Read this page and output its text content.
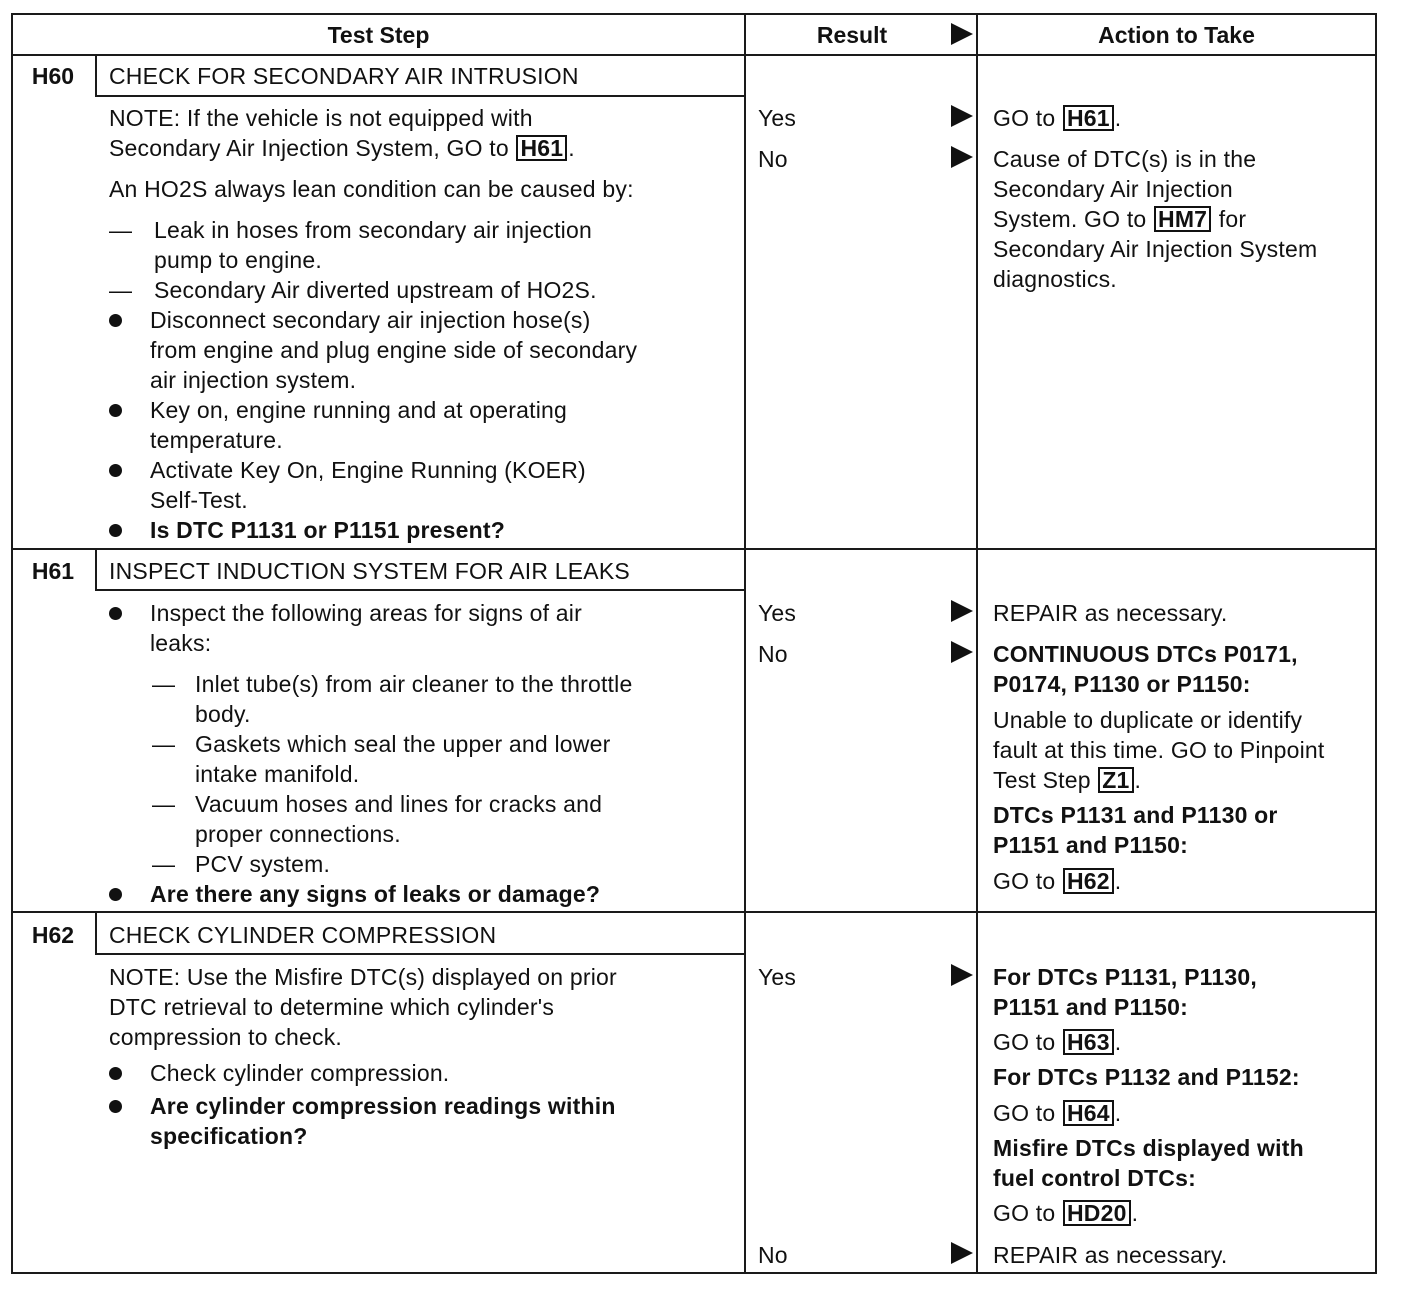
Test Step	Result	Action to Take
H60	CHECK FOR SECONDARY AIR INTRUSION
NOTE: If the vehicle is not equipped with
Secondary Air Injection System, GO to H61 .
An HO2S always lean condition can be caused by:
— Leak in hoses from secondary air injection
pump to engine.
— Secondary Air diverted upstream of HO2S.
Disconnect secondary air injection hose(s)
from engine and plug engine side of secondary
air injection system.
Key on, engine running and at operating
temperature.
Activate Key On, Engine Running (KOER)
Self-Test.
Is DTC P1131 or P1151 present?
Yes	GO to H61 .
No	Cause of DTC(s) is in the
Secondary Air Injection
System. GO to HM7 for
Secondary Air Injection System
diagnostics.
H61	INSPECT INDUCTION SYSTEM FOR AIR LEAKS
Inspect the following areas for signs of air
leaks:
— Inlet tube(s) from air cleaner to the throttle
body.
— Gaskets which seal the upper and lower
intake manifold.
— Vacuum hoses and lines for cracks and
proper connections.
— PCV system.
Are there any signs of leaks or damage?
Yes	REPAIR as necessary.
No	CONTINUOUS DTCs P0171,
P0174, P1130 or P1150:
Unable to duplicate or identify
fault at this time. GO to Pinpoint
Test Step Z1 .
DTCs P1131 and P1130 or
P1151 and P1150:
GO to H62 .
H62	CHECK CYLINDER COMPRESSION
NOTE: Use the Misfire DTC(s) displayed on prior
DTC retrieval to determine which cylinder's
compression to check.
Check cylinder compression.
Are cylinder compression readings within
specification?
Yes	For DTCs P1131, P1130,
P1151 and P1150:
GO to H63 .
For DTCs P1132 and P1152:
GO to H64 .
Misfire DTCs displayed with
fuel control DTCs:
GO to HD20 .
No	REPAIR as necessary.
